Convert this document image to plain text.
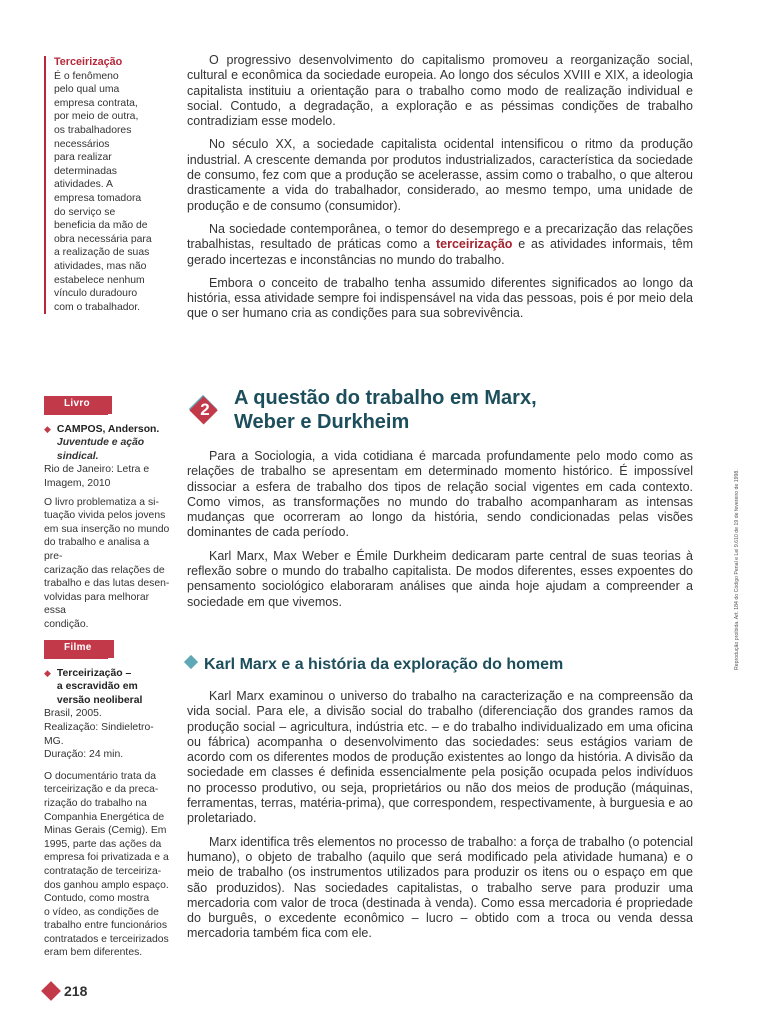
Terceirização
É o fenômeno
pelo qual uma
empresa contrata,
por meio de outra,
os trabalhadores
necessários
para realizar
determinadas
atividades. A
empresa tomadora
do serviço se
beneficia da mão de
obra necessária para
a realização de suas
atividades, mas não
estabelece nenhum
vínculo duradouro
com o trabalhador.
Livro
◆ CAMPOS, Anderson.
Juventude e ação
sindical.
Rio de Janeiro: Letra e
Imagem, 2010
O livro problematiza a si-
tuação vivida pelos jovens
em sua inserção no mundo
do trabalho e analisa a pre-
carização das relações de
trabalho e das lutas desen-
volvidas para melhorar essa
condição.
Filme
◆ Terceirização –
a escravidão em
versão neoliberal
Brasil, 2005.
Realização: Sindieletro-MG.
Duração: 24 min.
O documentário trata da
terceirização e da preca-
rização do trabalho na
Companhia Energética de
Minas Gerais (Cemig). Em
1995, parte das ações da
empresa foi privatizada e a
contratação de terceiriza-
dos ganhou amplo espaço.
Contudo, como mostra
o vídeo, as condições de
trabalho entre funcionários
contratados e terceirizados
eram bem diferentes.

O progressivo desenvolvimento do capitalismo promoveu a reorganização social, cultural e econômica da sociedade europeia. Ao longo dos séculos XVIII e XIX, a ideologia capitalista instituiu a orientação para o trabalho como modo de realização individual e social. Contudo, a degradação, a exploração e as péssimas condições de trabalho contradiziam esse modelo.

No século XX, a sociedade capitalista ocidental intensificou o ritmo da produção industrial. A crescente demanda por produtos industrializados, característica da sociedade de consumo, fez com que a produção se acelerasse, assim como o trabalho, o que alterou drasticamente a vida do trabalhador, considerado, ao mesmo tempo, uma unidade de produção e de consumo (consumidor).

Na sociedade contemporânea, o temor do desemprego e a precarização das relações trabalhistas, resultado de práticas como a terceirização e as atividades informais, têm gerado incertezas e inconstâncias no mundo do trabalho.

Embora o conceito de trabalho tenha assumido diferentes significados ao longo da história, essa atividade sempre foi indispensável na vida das pessoas, pois é por meio dela que o ser humano cria as condições para sua sobrevivência.

2
A questão do trabalho em Marx,
Weber e Durkheim

Para a Sociologia, a vida cotidiana é marcada profundamente pelo modo como as relações de trabalho se apresentam em determinado momento histórico. É impossível dissociar a esfera de trabalho dos tipos de relação social vigentes em cada contexto. Como vimos, as transformações no mundo do trabalho acompanharam as intensas mudanças que ocorreram ao longo da história, sendo condicionadas pelas visões dominantes de cada período.

Karl Marx, Max Weber e Émile Durkheim dedicaram parte central de suas teorias à reflexão sobre o mundo do trabalho capitalista. De modos diferentes, esses expoentes do pensamento sociológico elaboraram análises que ainda hoje ajudam a compreender a sociedade em que vivemos.

Karl Marx e a história da exploração do homem

Karl Marx examinou o universo do trabalho na caracterização e na compreensão da vida social. Para ele, a divisão social do trabalho (diferenciação dos grandes ramos da produção social – agricultura, indústria etc. – e do trabalho individualizado em uma oficina ou fábrica) acompanha o desenvolvimento das sociedades: seus estágios variam de acordo com os diferentes modos de produção existentes ao longo da história. A divisão da sociedade em classes é definida essencialmente pela posição ocupada pelos indivíduos no processo produtivo, ou seja, proprietários ou não dos meios de produção (máquinas, ferramentas, terras, matéria-prima), que correspondem, respectivamente, à burguesia e ao proletariado.

Marx identifica três elementos no processo de trabalho: a força de trabalho (o potencial humano), o objeto de trabalho (aquilo que será modificado pela atividade humana) e o meio de trabalho (os instrumentos utilizados para produzir os itens ou o espaço em que são produzidos). Nas sociedades capitalistas, o trabalho serve para produzir uma mercadoria com valor de troca (destinada à venda). Como essa mercadoria é propriedade do burguês, o excedente econômico – lucro – obtido com a troca ou venda dessa mercadoria também fica com ele.

Reprodução proibida. Art. 184 do Código Penal e Lei 9.610 de 19 de fevereiro de 1998.
218
